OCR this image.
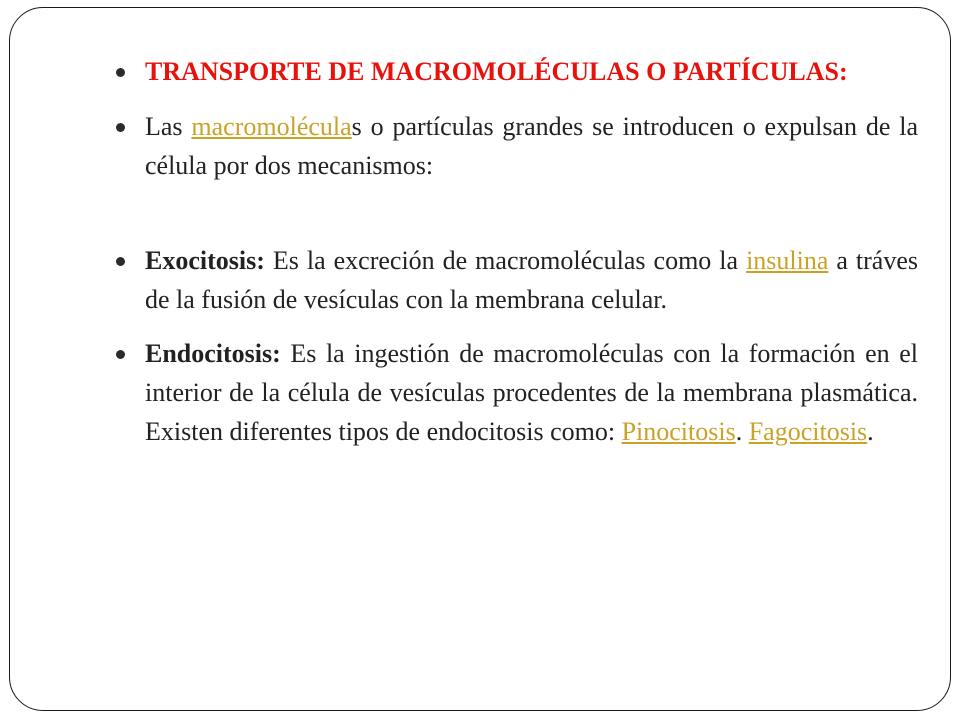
TRANSPORTE DE MACROMOLÉCULAS O PARTÍCULAS:
Las macromoléculas o partículas grandes se introducen o expulsan de la célula por dos mecanismos:
Exocitosis: Es la excreción de macromoléculas como la insulina a tráves de la fusión de vesículas con la membrana celular.
Endocitosis: Es la ingestión de macromoléculas con la formación en el interior de la célula de vesículas procedentes de la membrana plasmática. Existen diferentes tipos de endocitosis como: Pinocitosis. Fagocitosis.
